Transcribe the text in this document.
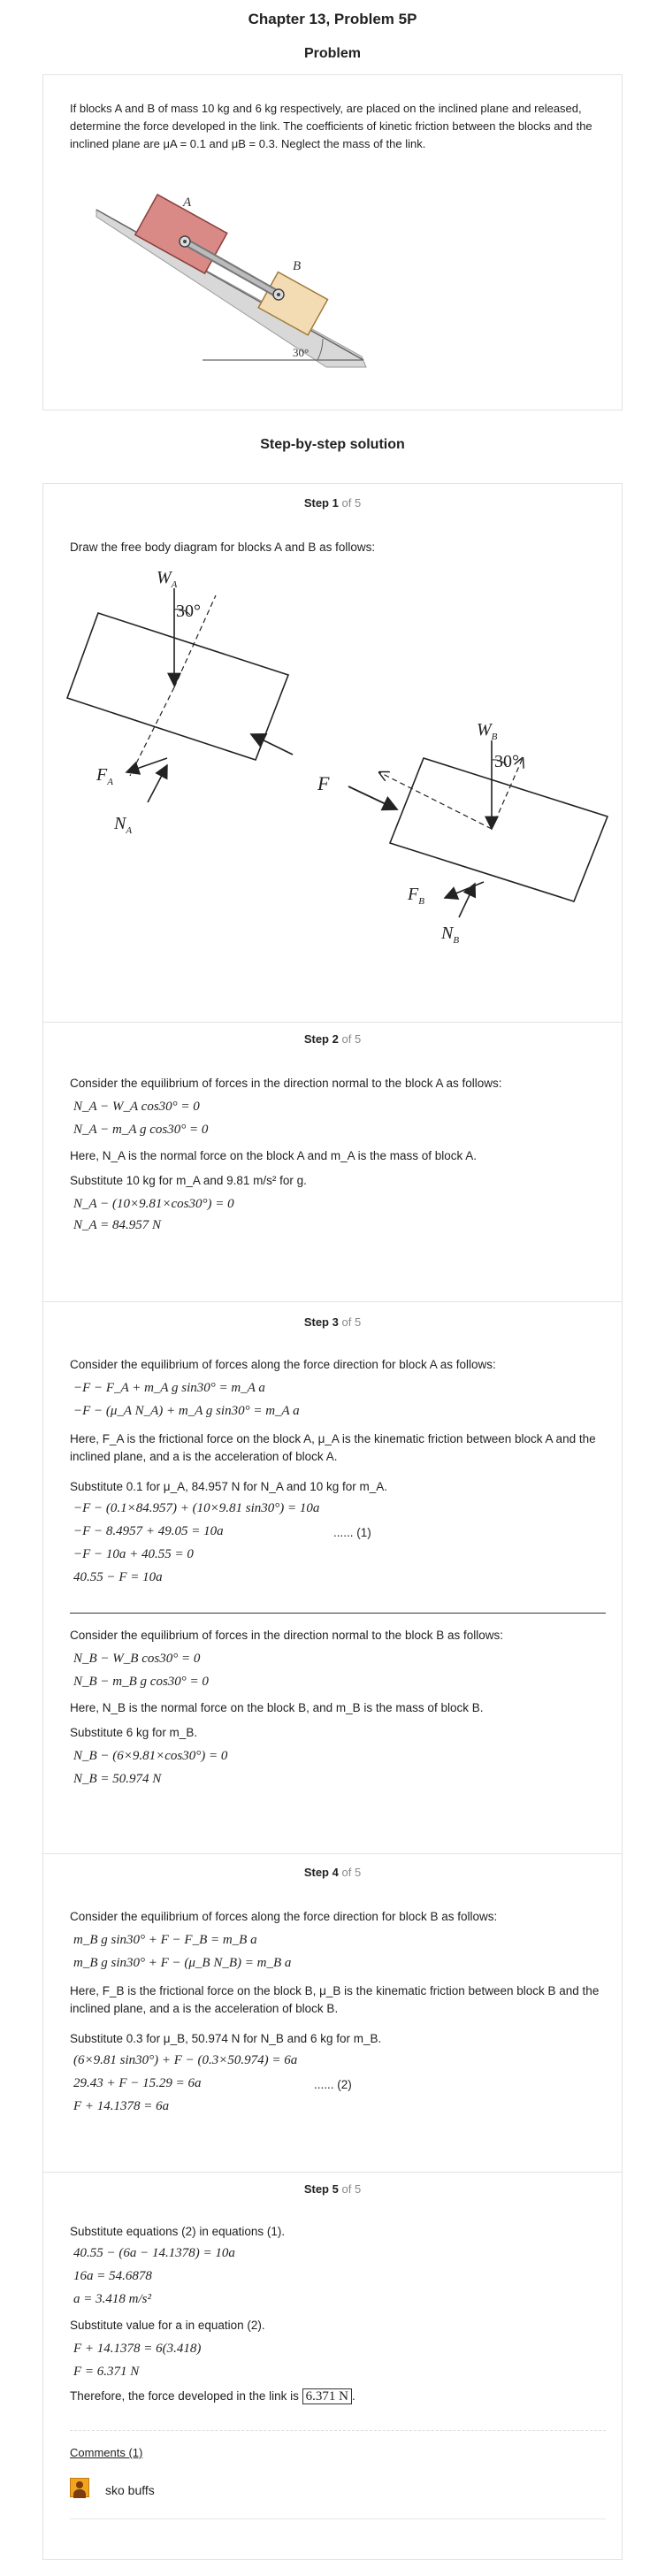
Chapter 13, Problem 5P
Problem
If blocks A and B of mass 10 kg and 6 kg respectively, are placed on the inclined plane and released, determine the force developed in the link. The coefficients of kinetic friction between the blocks and the inclined plane are μA = 0.1 and μB = 0.3. Neglect the mass of the link.
30°
A
B
Step-by-step solution
Step 1 of 5
Draw the free body diagram for blocks A and B as follows:
30°
$W_A$
$F_A$
$N_A$
F
30°
$W_B$
$F_B$
$N_B$
Step 2 of 5
Consider the equilibrium of forces in the direction normal to the block A as follows:
N_A − W_A cos30° = 0
N_A − m_A g cos30° = 0
Here, N_A is the normal force on the block A and m_A is the mass of block A.
Substitute 10 kg for m_A and 9.81 m/s² for g.
N_A − (10×9.81×cos30°) = 0
N_A = 84.957 N
Step 3 of 5
Consider the equilibrium of forces along the force direction for block A as follows:
−F − F_A + m_A g sin30° = m_A a
−F − (μ_A N_A) + m_A g sin30° = m_A a
Here, F_A is the frictional force on the block A, μ_A is the kinematic friction between block A and the inclined plane, and a is the acceleration of block A.
Substitute 0.1 for μ_A, 84.957 N for N_A and 10 kg for m_A.
−F − (0.1×84.957) + (10×9.81 sin30°) = 10a
−F − 8.4957 + 49.05 = 10a	...... (1)
−F − 10a + 40.55 = 0
40.55 − F = 10a
Consider the equilibrium of forces in the direction normal to the block B as follows:
N_B − W_B cos30° = 0
N_B − m_B g cos30° = 0
Here, N_B is the normal force on the block B, and m_B is the mass of block B.
Substitute 6 kg for m_B.
N_B − (6×9.81×cos30°) = 0
N_B = 50.974 N
Step 4 of 5
Consider the equilibrium of forces along the force direction for block B as follows:
m_B g sin30° + F − F_B = m_B a
m_B g sin30° + F − (μ_B N_B) = m_B a
Here, F_B is the frictional force on the block B, μ_B is the kinematic friction between block B and the inclined plane, and a is the acceleration of block B.
Substitute 0.3 for μ_B, 50.974 N for N_B and 6 kg for m_B.
(6×9.81 sin30°) + F − (0.3×50.974) = 6a
29.43 + F − 15.29 = 6a	...... (2)
F + 14.1378 = 6a
Step 5 of 5
Substitute equations (2) in equations (1).
40.55 − (6a − 14.1378) = 10a
16a = 54.6878
a = 3.418 m/s²
Substitute value for a in equation (2).
F + 14.1378 = 6(3.418)
F = 6.371 N
Therefore, the force developed in the link is 6.371 N .
Comments (1)
sko buffs
